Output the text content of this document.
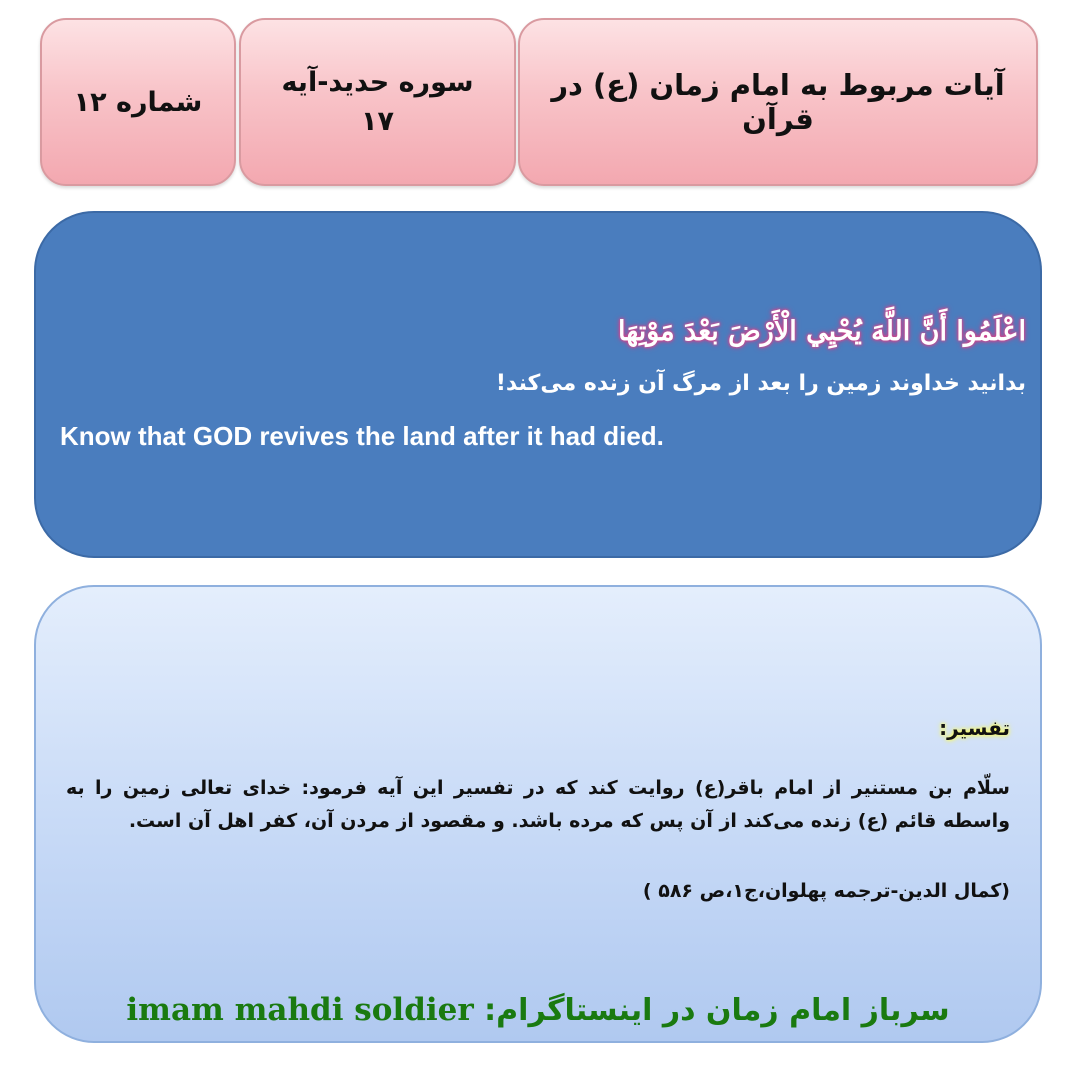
شماره ۱۲
سوره حدید-آیه ۱۷
آیات مربوط به امام زمان (ع) در قرآن
اعْلَمُوا أَنَّ اللَّهَ يُحْيِي الْأَرْضَ بَعْدَ مَوْتِهَا
بدانید خداوند زمین را بعد از مرگ آن زنده می‌کند!
Know that GOD revives the land after it had died.
تفسیر:
سلّام بن مستنیر از امام باقر(ع) روایت کند که در تفسیر این آیه فرمود: خدای تعالی زمین را به واسطه قائم (ع) زنده می‌کند از آن پس که مرده باشد. و مقصود از مردن آن، کفر اهل آن است.
(کمال الدین-ترجمه پهلوان،ج۱،ص ۵۸۶ )
سرباز امام زمان در اینستاگرام: imam mahdi soldier
